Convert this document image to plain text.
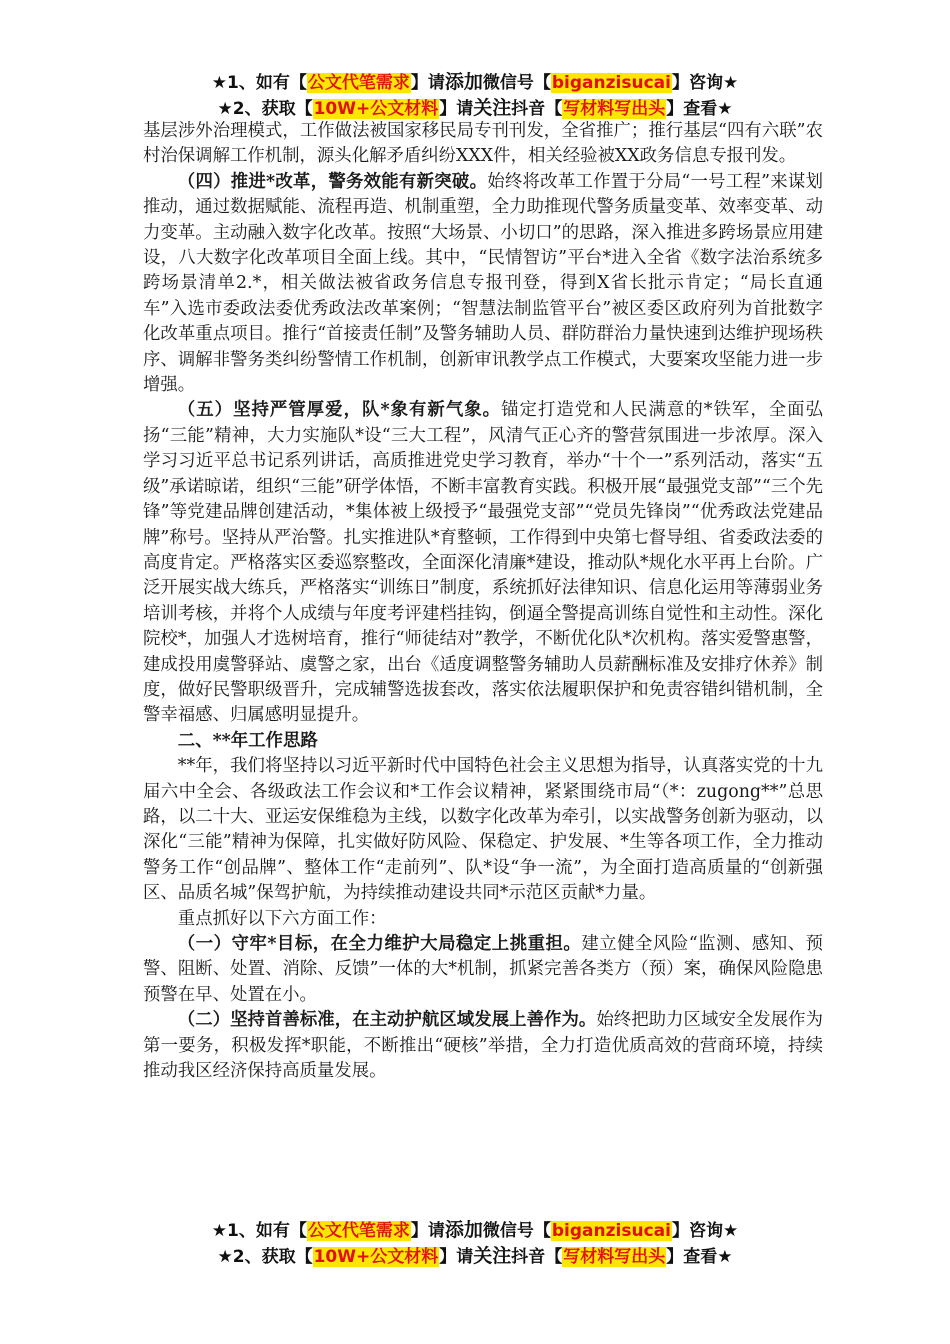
★1、如有【公文代笔需求】请添加微信号【biganzisucai】咨询★
★2、获取【10W+公文材料】请关注抖音【写材料写出头】查看★

基层涉外治理模式，工作做法被国家移民局专刊刊发，全省推广；推行基层“四有六联”农村治保调解工作机制，源头化解矛盾纠纷XXX件，相关经验被XX政务信息专报刊发。

（四）推进*改革，警务效能有新突破。始终将改革工作置于分局“一号工程”来谋划推动，通过数据赋能、流程再造、机制重塑，全力助推现代警务质量变革、效率变革、动力变革。主动融入数字化改革。按照“大场景、小切口”的思路，深入推进多跨场景应用建设，八大数字化改革项目全面上线。其中，“民情智访”平台*进入全省《数字法治系统多跨场景清单2.*，相关做法被省政务信息专报刊登，得到X省长批示肯定；“局长直通车”入选市委政法委优秀政法改革案例；“智慧法制监管平台”被区委区政府列为首批数字化改革重点项目。推行“首接责任制”及警务辅助人员、群防群治力量快速到达维护现场秩序、调解非警务类纠纷警情工作机制，创新审讯教学点工作模式，大要案攻坚能力进一步增强。

（五）坚持严管厚爱，队*象有新气象。锚定打造党和人民满意的*铁军，全面弘扬“三能”精神，大力实施队*设“三大工程”，风清气正心齐的警营氛围进一步浓厚。深入学习习近平总书记系列讲话，高质推进党史学习教育，举办“十个一”系列活动，落实“五级”承诺晾诺，组织“三能”研学体悟，不断丰富教育实践。积极开展“最强党支部”“三个先锋”等党建品牌创建活动，*集体被上级授予“最强党支部”“党员先锋岗”“优秀政法党建品牌”称号。坚持从严治警。扎实推进队*育整顿，工作得到中央第七督导组、省委政法委的高度肯定。严格落实区委巡察整改，全面深化清廉*建设，推动队*规化水平再上台阶。广泛开展实战大练兵，严格落实“训练日”制度，系统抓好法律知识、信息化运用等薄弱业务培训考核，并将个人成绩与年度考评建档挂钩，倒逼全警提高训练自觉性和主动性。深化院校*，加强人才选树培育，推行“师徒结对”教学，不断优化队*次机构。落实爱警惠警，建成投用虞警驿站、虞警之家，出台《适度调整警务辅助人员薪酬标准及安排疗休养》制度，做好民警职级晋升，完成辅警选拔套改，落实依法履职保护和免责容错纠错机制，全警幸福感、归属感明显提升。

二、**年工作思路

**年，我们将坚持以习近平新时代中国特色社会主义思想为指导，认真落实党的十九届六中全会、各级政法工作会议和*工作会议精神，紧紧围绕市局“（*：zugong**”总思路，以二十大、亚运安保维稳为主线，以数字化改革为牵引，以实战警务创新为驱动，以深化“三能”精神为保障，扎实做好防风险、保稳定、护发展、*生等各项工作，全力推动警务工作“创品牌”、整体工作“走前列”、队*设“争一流”，为全面打造高质量的“创新强区、品质名城”保驾护航，为持续推动建设共同*示范区贡献*力量。

重点抓好以下六方面工作：

（一）守牢*目标，在全力维护大局稳定上挑重担。建立健全风险“监测、感知、预警、阻断、处置、消除、反馈”一体的大*机制，抓紧完善各类方（预）案，确保风险隐患预警在早、处置在小。

（二）坚持首善标准，在主动护航区域发展上善作为。始终把助力区域安全发展作为第一要务，积极发挥*职能，不断推出“硬核”举措，全力打造优质高效的营商环境，持续推动我区经济保持高质量发展。

★1、如有【公文代笔需求】请添加微信号【biganzisucai】咨询★
★2、获取【10W+公文材料】请关注抖音【写材料写出头】查看★
